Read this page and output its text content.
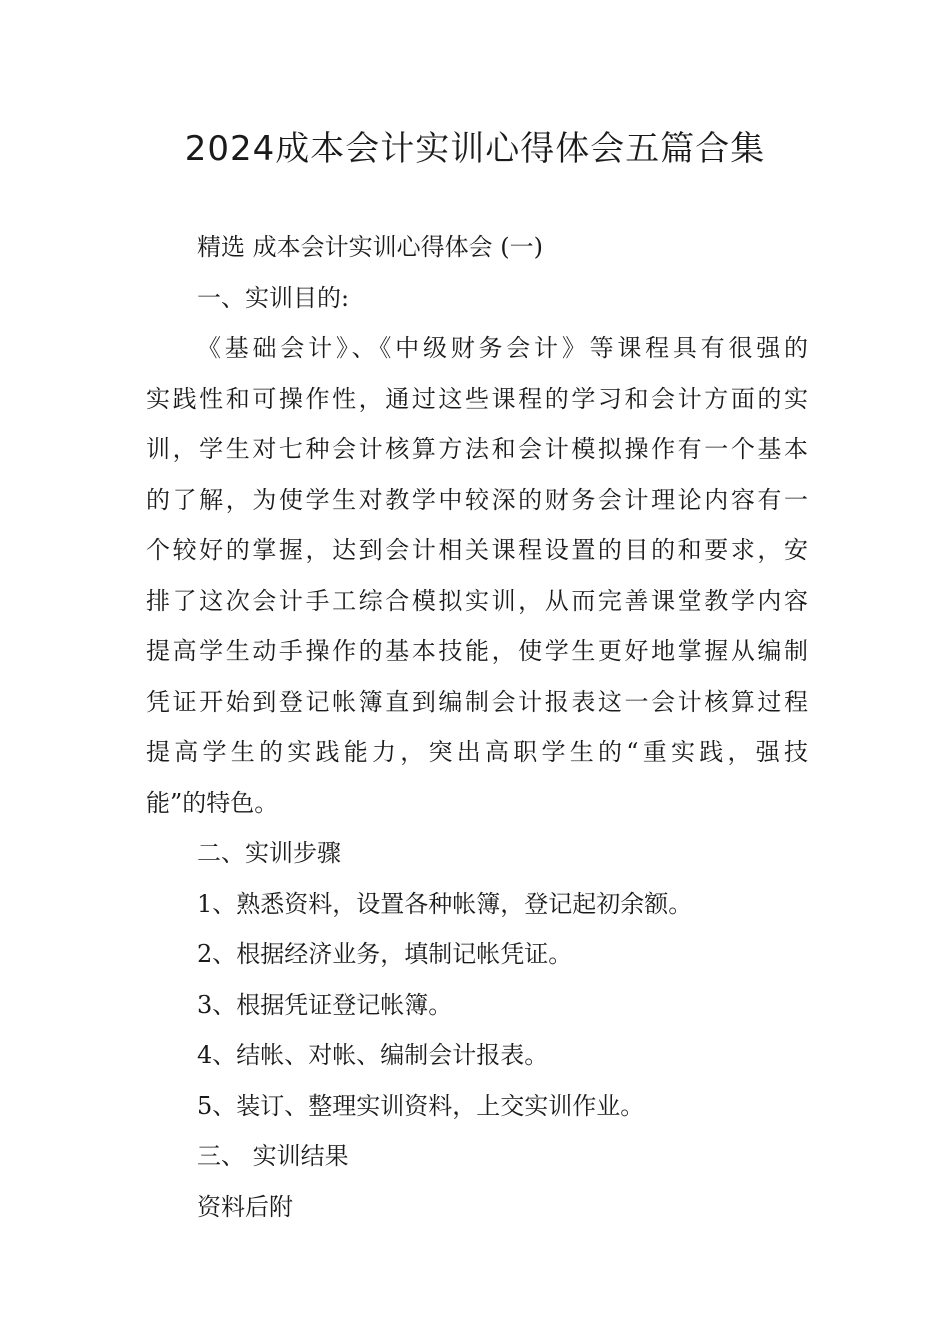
2024成本会计实训心得体会五篇合集

精选 成本会计实训心得体会 (一)

一、实训目的:

《基础会计》、《中级财务会计》等课程具有很强的

实践性和可操作性，通过这些课程的学习和会计方面的实

训，学生对七种会计核算方法和会计模拟操作有一个基本

的了解，为使学生对教学中较深的财务会计理论内容有一

个较好的掌握，达到会计相关课程设置的目的和要求，安

排了这次会计手工综合模拟实训，从而完善课堂教学内容

提高学生动手操作的基本技能，使学生更好地掌握从编制

凭证开始到登记帐簿直到编制会计报表这一会计核算过程

提高学生的实践能力，突出高职学生的“重实践，强技

能”的特色。

二、实训步骤

1、熟悉资料，设置各种帐簿，登记起初余额。

2、根据经济业务，填制记帐凭证。

3、根据凭证登记帐簿。

4、结帐、对帐、编制会计报表。

5、装订、整理实训资料，上交实训作业。

三、 实训结果

资料后附
